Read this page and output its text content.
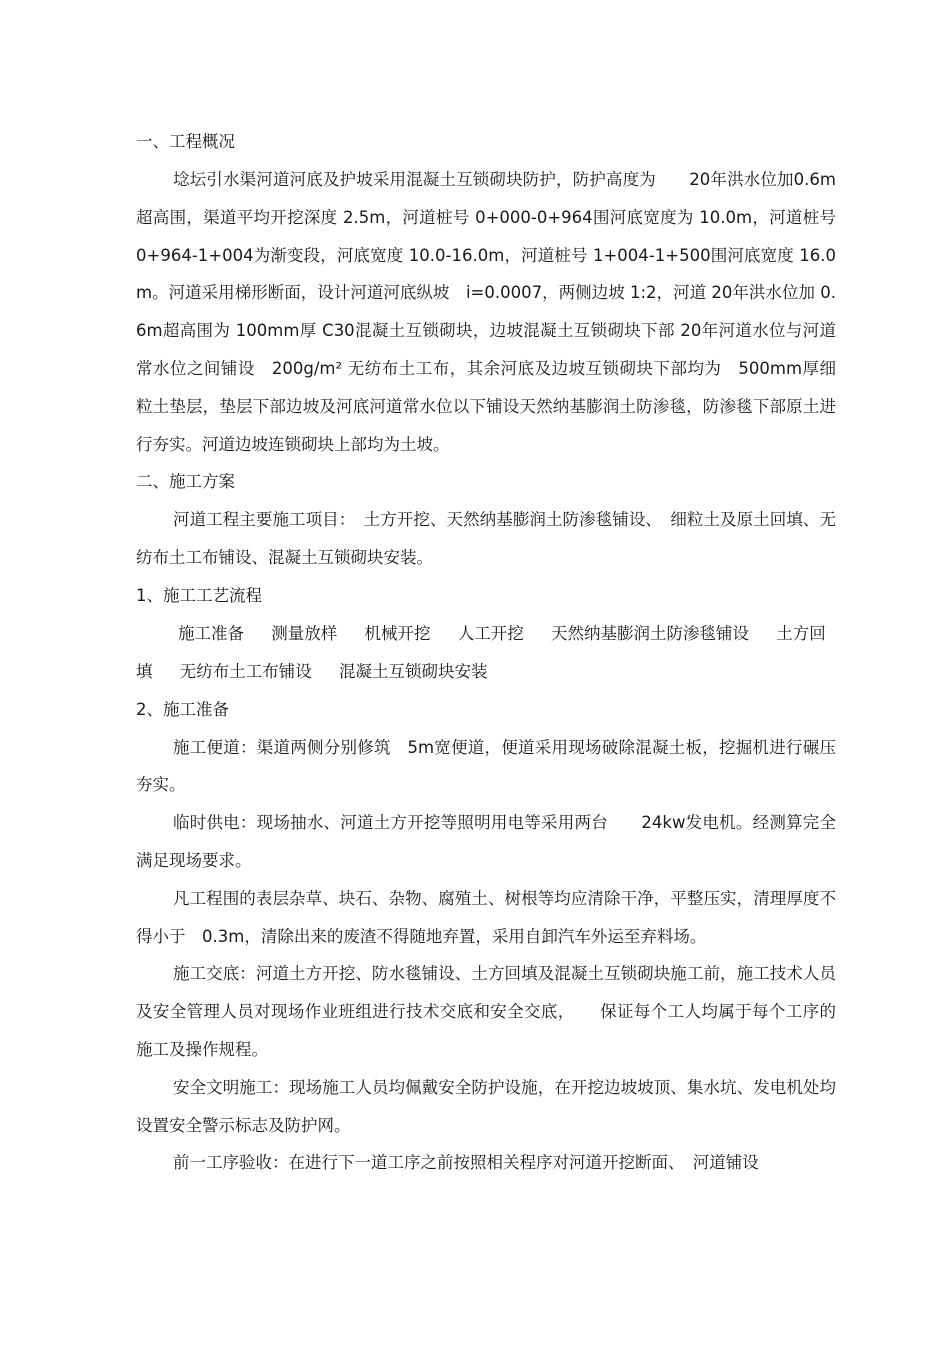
一、工程概况

埝坛引水渠河道河底及护坡采用混凝土互锁砌块防护，防护高度为　　20年洪水位加0.6m超高围，渠道平均开挖深度 2.5m，河道桩号 0+000-0+964围河底宽度为 10.0m，河道桩号 0+964-1+004为渐变段，河底宽度 10.0-16.0m，河道桩号 1+004-1+500围河底宽度 16.0m。河道采用梯形断面，设计河道河底纵坡　i=0.0007，两侧边坡 1:2，河道 20年洪水位加 0.6m超高围为 100mm厚 C30混凝土互锁砌块，边坡混凝土互锁砌块下部 20年河道水位与河道常水位之间铺设　200g/m² 无纺布土工布，其余河底及边坡互锁砌块下部均为　500mm厚细粒土垫层，垫层下部边坡及河底河道常水位以下铺设天然纳基膨润土防渗毯，防渗毯下部原土进行夯实。河道边坡连锁砌块上部均为土坡。

二、施工方案

河道工程主要施工项目：　土方开挖、天然纳基膨润土防渗毯铺设、　细粒土及原土回填、无纺布土工布铺设、混凝土互锁砌块安装。

1、施工工艺流程

施工准备 测量放样 机械开挖 人工开挖 天然纳基膨润土防渗毯铺设 土方回填 无纺布土工布铺设 混凝土互锁砌块安装

2、施工准备

施工便道：渠道两侧分别修筑　5m宽便道，便道采用现场破除混凝土板，挖掘机进行碾压夯实。

临时供电：现场抽水、河道土方开挖等照明用电等采用两台　　24kw发电机。经测算完全满足现场要求。

凡工程围的表层杂草、块石、杂物、腐殖土、树根等均应清除干净，平整压实，清理厚度不得小于　0.3m，清除出来的废渣不得随地弃置，采用自卸汽车外运至弃料场。

施工交底：河道土方开挖、防水毯铺设、土方回填及混凝土互锁砌块施工前，施工技术人员及安全管理人员对现场作业班组进行技术交底和安全交底，　　保证每个工人均属于每个工序的施工及操作规程。

安全文明施工：现场施工人员均佩戴安全防护设施，在开挖边坡坡顶、集水坑、发电机处均设置安全警示标志及防护网。

前一工序验收：在进行下一道工序之前按照相关程序对河道开挖断面、　河道铺设
